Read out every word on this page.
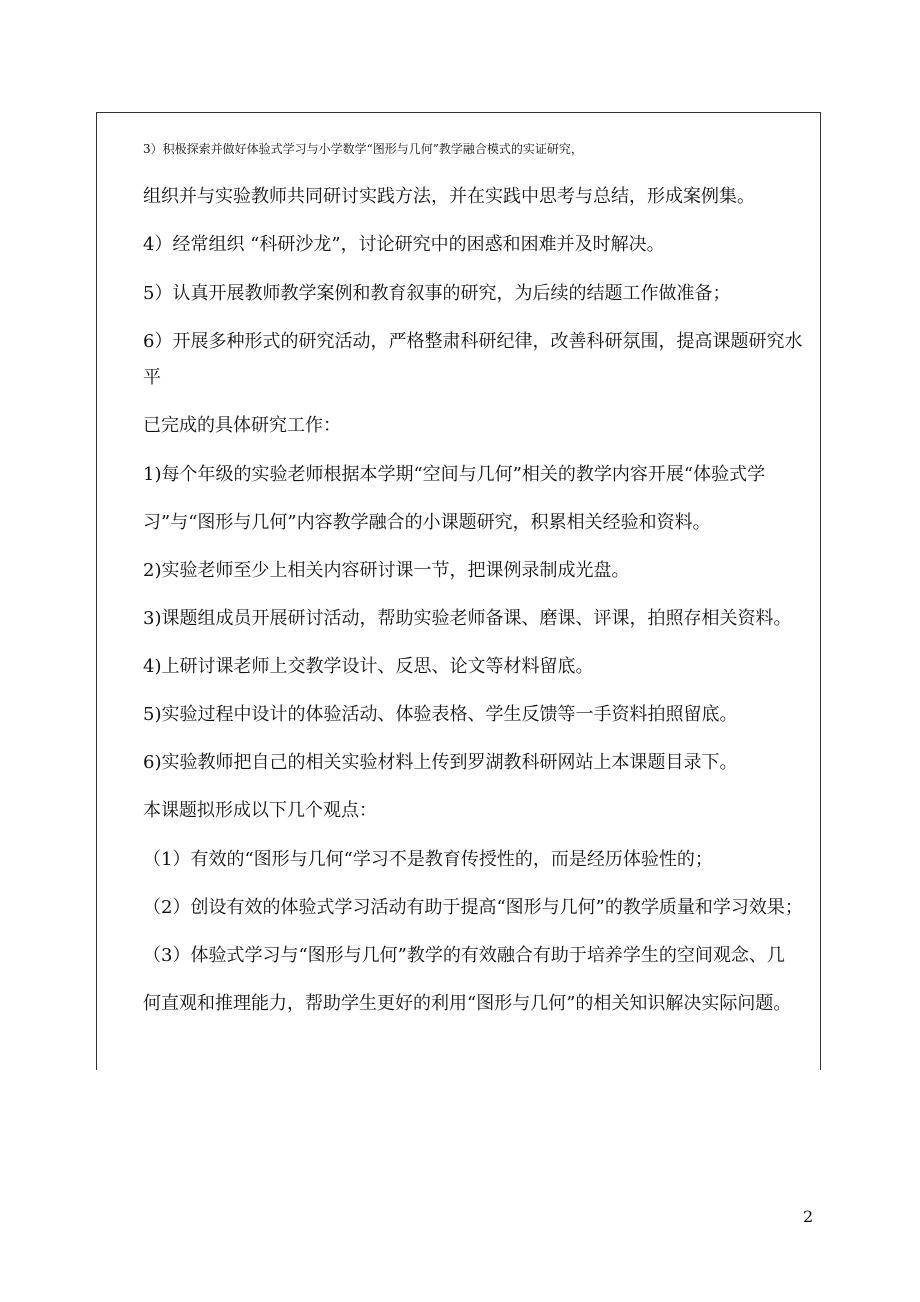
3）积极探索并做好体验式学习与小学数学“图形与几何”教学融合模式的实证研究，
组织并与实验教师共同研讨实践方法，并在实践中思考与总结，形成案例集。
4）经常组织 “科研沙龙”，讨论研究中的困惑和困难并及时解决。
5）认真开展教师教学案例和教育叙事的研究，为后续的结题工作做准备；
6）开展多种形式的研究活动，严格整肃科研纪律，改善科研氛围，提高课题研究水
平
已完成的具体研究工作：
1)每个年级的实验老师根据本学期“空间与几何”相关的教学内容开展“体验式学
习”与“图形与几何”内容教学融合的小课题研究，积累相关经验和资料。
2)实验老师至少上相关内容研讨课一节，把课例录制成光盘。
3)课题组成员开展研讨活动，帮助实验老师备课、磨课、评课，拍照存相关资料。
4)上研讨课老师上交教学设计、反思、论文等材料留底。
5)实验过程中设计的体验活动、体验表格、学生反馈等一手资料拍照留底。
6)实验教师把自己的相关实验材料上传到罗湖教科研网站上本课题目录下。
本课题拟形成以下几个观点：
（1）有效的“图形与几何“学习不是教育传授性的，而是经历体验性的；
（2）创设有效的体验式学习活动有助于提高“图形与几何”的教学质量和学习效果；
（3）体验式学习与“图形与几何”教学的有效融合有助于培养学生的空间观念、几
何直观和推理能力，帮助学生更好的利用“图形与几何”的相关知识解决实际问题。
2
